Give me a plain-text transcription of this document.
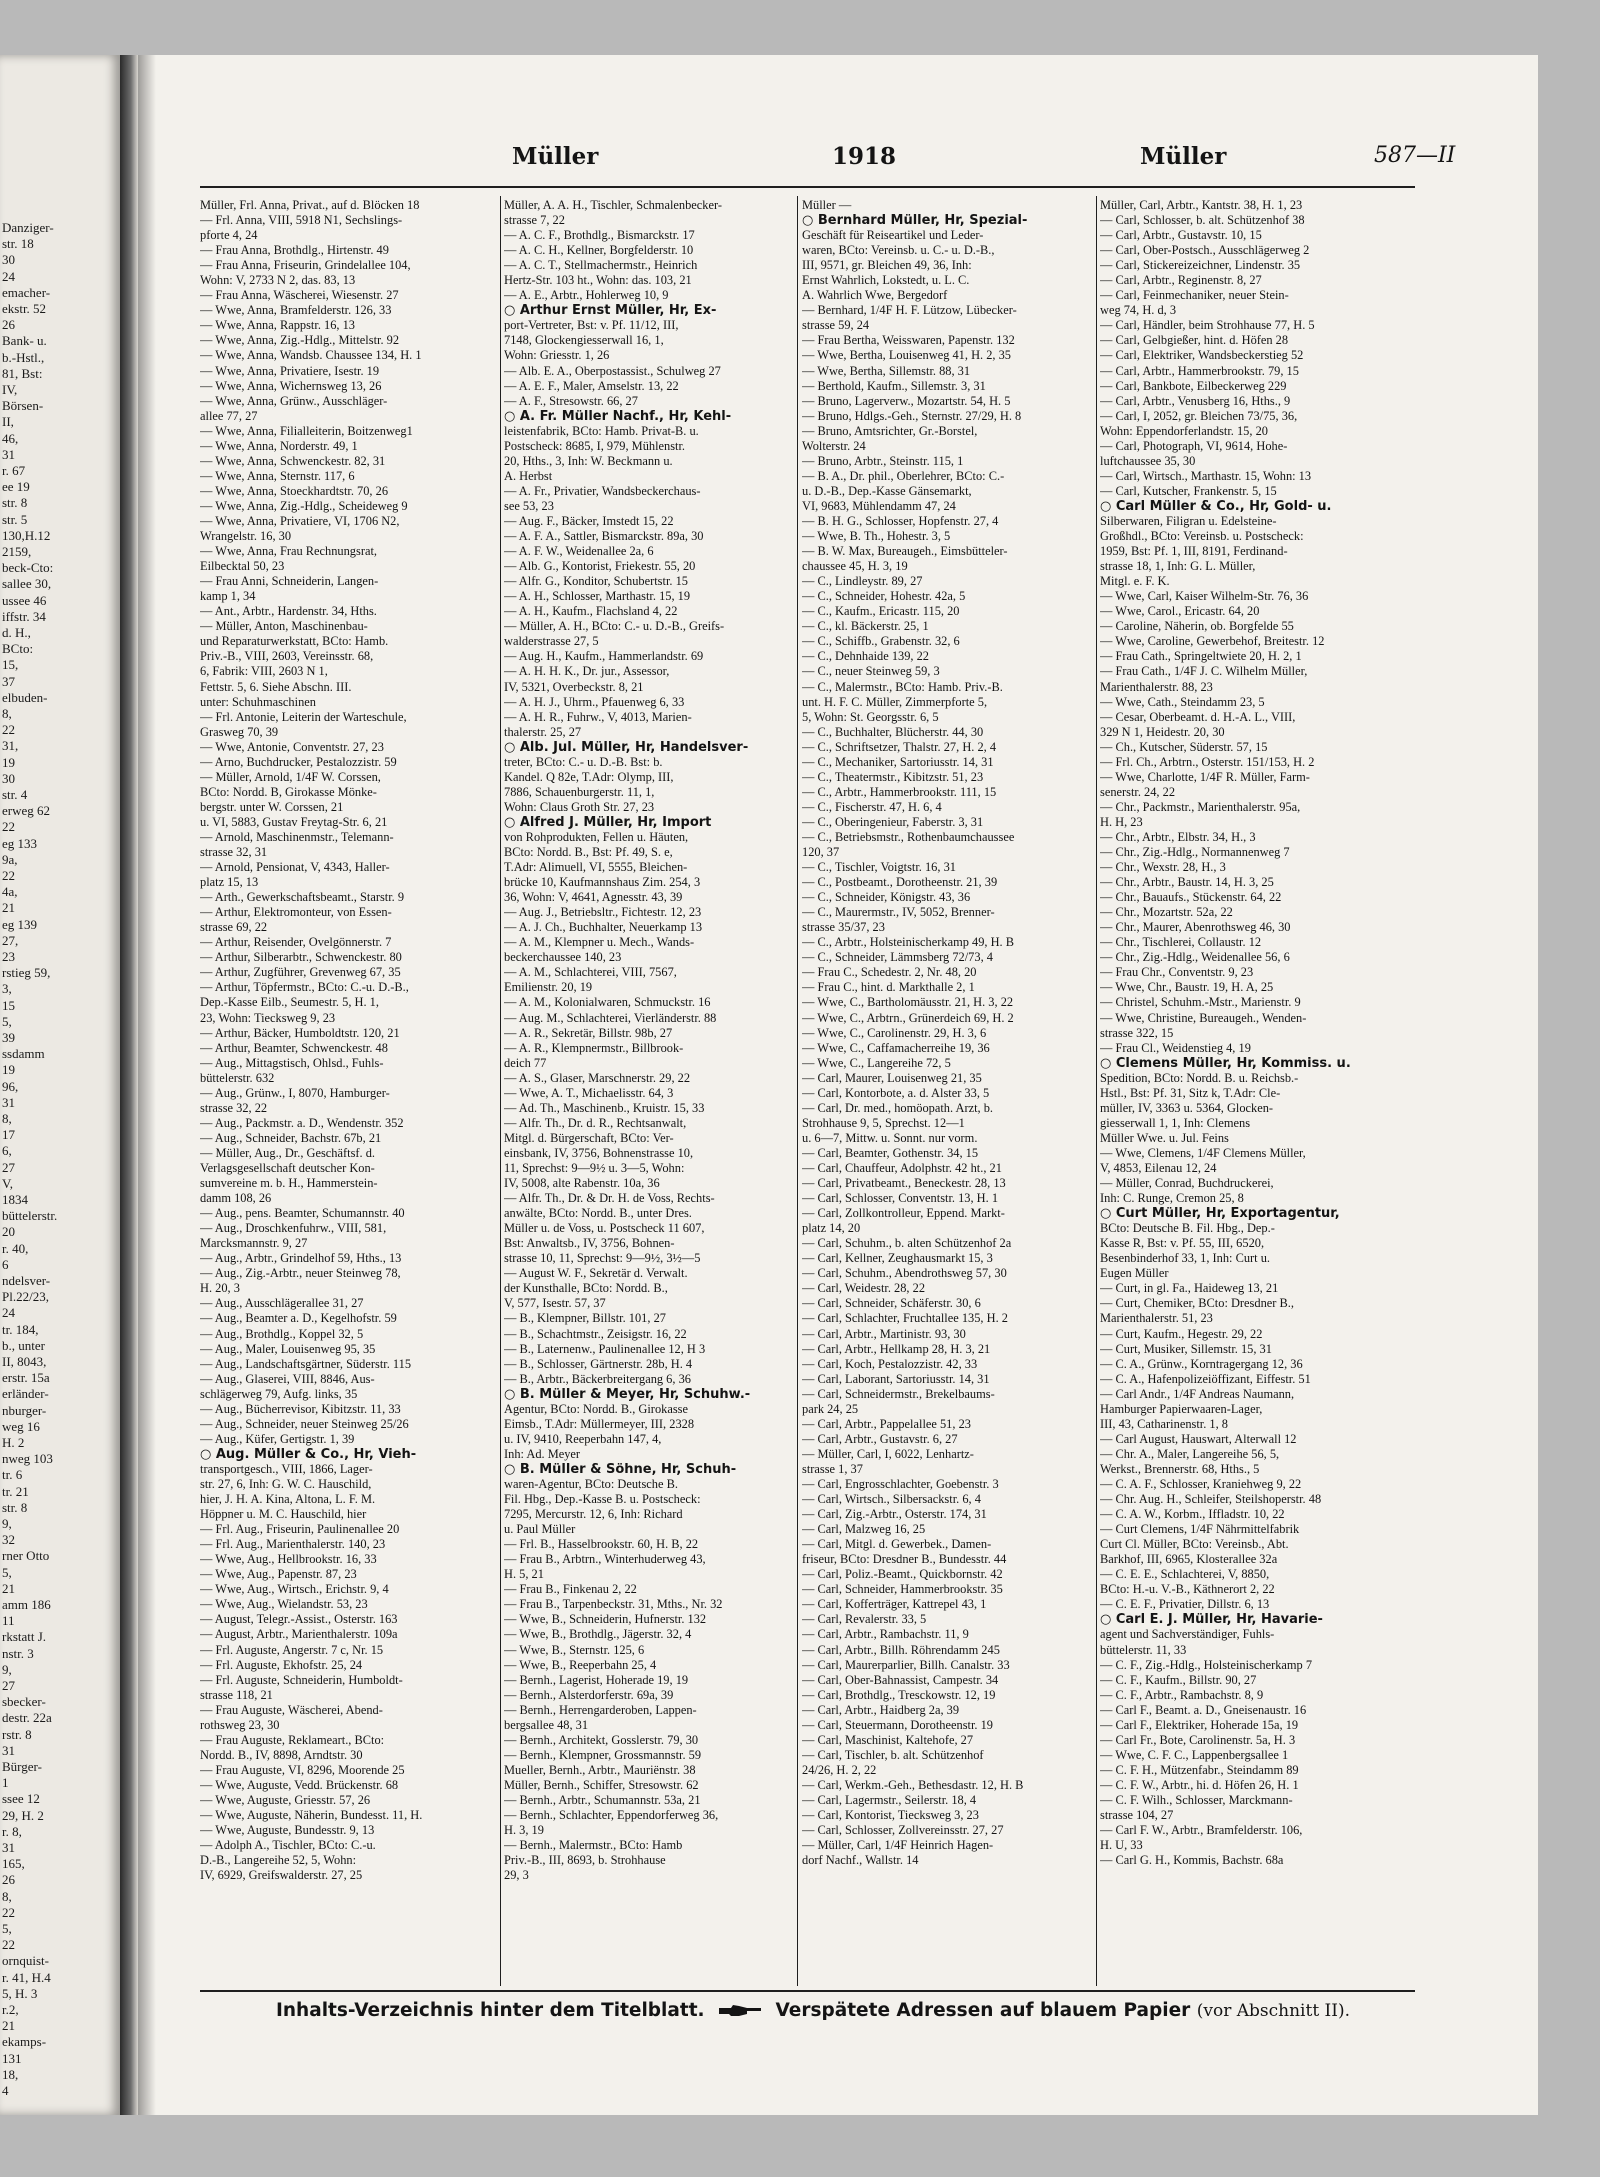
Danziger-
str. 18
30
24
emacher-
ekstr. 52
26
Bank- u.
b.-Hstl.,
81, Bst:
IV,
Börsen-
II,
46,
31
r. 67
ee 19
str. 8
str. 5
130,H.12
2159,
beck-Cto:
sallee 30,
ussee 46
iffstr. 34
d. H.,
BCto:
15,
37
elbuden-
8,
22
31,
19
30
str. 4
erweg 62
22
eg 133
9a,
22
4a,
21
eg 139
27,
23
rstieg 59,
3,
15
5,
39
ssdamm
19
96,
31
8,
17
6,
27
V,
1834
büttelerstr.
20
r. 40,
6
ndelsver-
Pl.22/23,
24
tr. 184,
b., unter
II, 8043,
erstr. 15a
erländer-
nburger-
weg 16
H. 2
nweg 103
tr. 6
tr. 21
str. 8
9,
32
rner Otto
5,
21
amm 186
11
rkstatt J.
nstr. 3
9,
27
sbecker-
destr. 22a
rstr. 8
31
Bürger-
1
ssee 12
29, H. 2
r. 8,
31
165,
26
8,
22
5,
22
ornquist-
r. 41, H.4
5, H. 3
r.2,
21
ekamps-
131
18,
4
Müller	1918	Müller	587—II
Müller, Frl. Anna, Privat., auf d. Blöcken 18
— Frl. Anna, VIII, 5918 N1, Sechslings-
pforte 4, 24
— Frau Anna, Brothdlg., Hirtenstr. 49
— Frau Anna, Friseurin, Grindelallee 104,
Wohn: V, 2733 N 2, das. 83, 13
— Frau Anna, Wäscherei, Wiesenstr. 27
— Wwe, Anna, Bramfelderstr. 126, 33
— Wwe, Anna, Rappstr. 16, 13
— Wwe, Anna, Zig.-Hdlg., Mittelstr. 92
— Wwe, Anna, Wandsb. Chaussee 134, H. 1
— Wwe, Anna, Privatiere, Isestr. 19
— Wwe, Anna, Wichernsweg 13, 26
— Wwe, Anna, Grünw., Ausschläger-
allee 77, 27
— Wwe, Anna, Filialleiterin, Boitzenweg1
— Wwe, Anna, Norderstr. 49, 1
— Wwe, Anna, Schwenckestr. 82, 31
— Wwe, Anna, Sternstr. 117, 6
— Wwe, Anna, Stoeckhardtstr. 70, 26
— Wwe, Anna, Zig.-Hdlg., Scheideweg 9
— Wwe, Anna, Privatiere, VI, 1706 N2,
Wrangelstr. 16, 30
— Wwe, Anna, Frau Rechnungsrat,
Eilbecktal 50, 23
— Frau Anni, Schneiderin, Langen-
kamp 1, 34
— Ant., Arbtr., Hardenstr. 34, Hths.
— Müller, Anton, Maschinenbau-
und Reparaturwerkstatt, BCto: Hamb.
Priv.-B., VIII, 2603, Vereinsstr. 68,
6, Fabrik: VIII, 2603 N 1,
Fettstr. 5, 6. Siehe Abschn. III.
unter: Schuhmaschinen
— Frl. Antonie, Leiterin der Warteschule,
Grasweg 70, 39
— Wwe, Antonie, Conventstr. 27, 23
— Arno, Buchdrucker, Pestalozzistr. 59
— Müller, Arnold, 1/4F W. Corssen,
BCto: Nordd. B, Girokasse Mönke-
bergstr. unter W. Corssen, 21
u. VI, 5883, Gustav Freytag-Str. 6, 21
— Arnold, Maschinenmstr., Telemann-
strasse 32, 31
— Arnold, Pensionat, V, 4343, Haller-
platz 15, 13
— Arth., Gewerkschaftsbeamt., Starstr. 9
— Arthur, Elektromonteur, von Essen-
strasse 69, 22
— Arthur, Reisender, Ovelgönnerstr. 7
— Arthur, Silberarbtr., Schwenckestr. 80
— Arthur, Zugführer, Grevenweg 67, 35
— Arthur, Töpfermstr., BCto: C.-u. D.-B.,
Dep.-Kasse Eilb., Seumestr. 5, H. 1,
23, Wohn: Tiecksweg 9, 23
— Arthur, Bäcker, Humboldtstr. 120, 21
— Arthur, Beamter, Schwenckestr. 48
— Aug., Mittagstisch, Ohlsd., Fuhls-
büttelerstr. 632
— Aug., Grünw., I, 8070, Hamburger-
strasse 32, 22
— Aug., Packmstr. a. D., Wendenstr. 352
— Aug., Schneider, Bachstr. 67b, 21
— Müller, Aug., Dr., Geschäftsf. d.
Verlagsgesellschaft deutscher Kon-
sumvereine m. b. H., Hammerstein-
damm 108, 26
— Aug., pens. Beamter, Schumannstr. 40
— Aug., Droschkenfuhrw., VIII, 581,
Marcksmannstr. 9, 27
— Aug., Arbtr., Grindelhof 59, Hths., 13
— Aug., Zig.-Arbtr., neuer Steinweg 78,
H. 20, 3
— Aug., Ausschlägerallee 31, 27
— Aug., Beamter a. D., Kegelhofstr. 59
— Aug., Brothdlg., Koppel 32, 5
— Aug., Maler, Louisenweg 95, 35
— Aug., Landschaftsgärtner, Süderstr. 115
— Aug., Glaserei, VIII, 8846, Aus-
schlägerweg 79, Aufg. links, 35
— Aug., Bücherrevisor, Kibitzstr. 11, 33
— Aug., Schneider, neuer Steinweg 25/26
— Aug., Küfer, Gertigstr. 1, 39
○ Aug. Müller & Co., Hr, Vieh-
transportgesch., VIII, 1866, Lager-
str. 27, 6, Inh: G. W. C. Hauschild,
hier, J. H. A. Kina, Altona, L. F. M.
Höppner u. M. C. Hauschild, hier
— Frl. Aug., Friseurin, Paulinenallee 20
— Frl. Aug., Marienthalerstr. 140, 23
— Wwe, Aug., Hellbrookstr. 16, 33
— Wwe, Aug., Papenstr. 87, 23
— Wwe, Aug., Wirtsch., Erichstr. 9, 4
— Wwe, Aug., Wielandstr. 53, 23
— August, Telegr.-Assist., Osterstr. 163
— August, Arbtr., Marienthalerstr. 109a
— Frl. Auguste, Angerstr. 7 c, Nr. 15
— Frl. Auguste, Ekhofstr. 25, 24
— Frl. Auguste, Schneiderin, Humboldt-
strasse 118, 21
— Frau Auguste, Wäscherei, Abend-
rothsweg 23, 30
— Frau Auguste, Reklameart., BCto:
Nordd. B., IV, 8898, Arndtstr. 30
— Frau Auguste, VI, 8296, Moorende 25
— Wwe, Auguste, Vedd. Brückenstr. 68
— Wwe, Auguste, Griesstr. 57, 26
— Wwe, Auguste, Näherin, Bundesst. 11, H.
— Wwe, Auguste, Bundesstr. 9, 13
— Adolph A., Tischler, BCto: C.-u.
D.-B., Langereihe 52, 5, Wohn:
IV, 6929, Greifswalderstr. 27, 25
Müller, A. A. H., Tischler, Schmalenbecker-
strasse 7, 22
— A. C. F., Brothdlg., Bismarckstr. 17
— A. C. H., Kellner, Borgfelderstr. 10
— A. C. T., Stellmachermstr., Heinrich
Hertz-Str. 103 ht., Wohn: das. 103, 21
— A. E., Arbtr., Hohlerweg 10, 9
○ Arthur Ernst Müller, Hr, Ex-
port-Vertreter, Bst: v. Pf. 11/12, III,
7148, Glockengiesserwall 16, 1,
Wohn: Griesstr. 1, 26
— Alb. E. A., Oberpostassist., Schulweg 27
— A. E. F., Maler, Amselstr. 13, 22
— A. F., Stresowstr. 66, 27
○ A. Fr. Müller Nachf., Hr, Kehl-
leistenfabrik, BCto: Hamb. Privat-B. u.
Postscheck: 8685, I, 979, Mühlenstr.
20, Hths., 3, Inh: W. Beckmann u.
A. Herbst
— A. Fr., Privatier, Wandsbeckerchaus-
see 53, 23
— Aug. F., Bäcker, Imstedt 15, 22
— A. F. A., Sattler, Bismarckstr. 89a, 30
— A. F. W., Weidenallee 2a, 6
— Alb. G., Kontorist, Friekestr. 55, 20
— Alfr. G., Konditor, Schubertstr. 15
— A. H., Schlosser, Marthastr. 15, 19
— A. H., Kaufm., Flachsland 4, 22
— Müller, A. H., BCto: C.- u. D.-B., Greifs-
walderstrasse 27, 5
— Aug. H., Kaufm., Hammerlandstr. 69
— A. H. H. K., Dr. jur., Assessor,
IV, 5321, Overbeckstr. 8, 21
— A. H. J., Uhrm., Pfauenweg 6, 33
— A. H. R., Fuhrw., V, 4013, Marien-
thalerstr. 25, 27
○ Alb. Jul. Müller, Hr, Handelsver-
treter, BCto: C.- u. D.-B. Bst: b.
Kandel. Q 82e, T.Adr: Olymp, III,
7886, Schauenburgerstr. 11, 1,
Wohn: Claus Groth Str. 27, 23
○ Alfred J. Müller, Hr, Import
von Rohprodukten, Fellen u. Häuten,
BCto: Nordd. B., Bst: Pf. 49, S. e,
T.Adr: Alimuell, VI, 5555, Bleichen-
brücke 10, Kaufmannshaus Zim. 254, 3
36, Wohn: V, 4641, Agnesstr. 43, 39
— Aug. J., Betriebsltr., Fichtestr. 12, 23
— A. J. Ch., Buchhalter, Neuerkamp 13
— A. M., Klempner u. Mech., Wands-
beckerchaussee 140, 23
— A. M., Schlachterei, VIII, 7567,
Emilienstr. 20, 19
— A. M., Kolonialwaren, Schmuckstr. 16
— Aug. M., Schlachterei, Vierländerstr. 88
— A. R., Sekretär, Billstr. 98b, 27
— A. R., Klempnermstr., Billbrook-
deich 77
— A. S., Glaser, Marschnerstr. 29, 22
— Wwe, A. T., Michaelisstr. 64, 3
— Ad. Th., Maschinenb., Kruistr. 15, 33
— Alfr. Th., Dr. d. R., Rechtsanwalt,
Mitgl. d. Bürgerschaft, BCto: Ver-
einsbank, IV, 3756, Bohnenstrasse 10,
11, Sprechst: 9—9½ u. 3—5, Wohn:
IV, 5008, alte Rabenstr. 10a, 36
— Alfr. Th., Dr. & Dr. H. de Voss, Rechts-
anwälte, BCto: Nordd. B., unter Dres.
Müller u. de Voss, u. Postscheck 11 607,
Bst: Anwaltsb., IV, 3756, Bohnen-
strasse 10, 11, Sprechst: 9—9½, 3½—5
— August W. F., Sekretär d. Verwalt.
der Kunsthalle, BCto: Nordd. B.,
V, 577, Isestr. 57, 37
— B., Klempner, Billstr. 101, 27
— B., Schachtmstr., Zeisigstr. 16, 22
— B., Laternenw., Paulinenallee 12, H 3
— B., Schlosser, Gärtnerstr. 28b, H. 4
— B., Arbtr., Bäckerbreitergang 6, 36
○ B. Müller & Meyer, Hr, Schuhw.-
Agentur, BCto: Nordd. B., Girokasse
Eimsb., T.Adr: Müllermeyer, III, 2328
u. IV, 9410, Reeperbahn 147, 4,
Inh: Ad. Meyer
○ B. Müller & Söhne, Hr, Schuh-
waren-Agentur, BCto: Deutsche B.
Fil. Hbg., Dep.-Kasse B. u. Postscheck:
7295, Mercurstr. 12, 6, Inh: Richard
u. Paul Müller
— Frl. B., Hasselbrookstr. 60, H. B, 22
— Frau B., Arbtrn., Winterhuderweg 43,
H. 5, 21
— Frau B., Finkenau 2, 22
— Frau B., Tarpenbeckstr. 31, Mths., Nr. 32
— Wwe, B., Schneiderin, Hufnerstr. 132
— Wwe, B., Brothdlg., Jägerstr. 32, 4
— Wwe, B., Sternstr. 125, 6
— Wwe, B., Reeperbahn 25, 4
— Bernh., Lagerist, Hoherade 19, 19
— Bernh., Alsterdorferstr. 69a, 39
— Bernh., Herrengarderoben, Lappen-
bergsallee 48, 31
— Bernh., Architekt, Gosslerstr. 79, 30
— Bernh., Klempner, Grossmannstr. 59
Mueller, Bernh., Arbtr., Mauriënstr. 38
Müller, Bernh., Schiffer, Stresowstr. 62
— Bernh., Arbtr., Schumannstr. 53a, 21
— Bernh., Schlachter, Eppendorferweg 36,
H. 3, 19
— Bernh., Malermstr., BCto: Hamb
Priv.-B., III, 8693, b. Strohhause
29, 3
Müller —
○ Bernhard Müller, Hr, Spezial-
Geschäft für Reiseartikel und Leder-
waren, BCto: Vereinsb. u. C.- u. D.-B.,
III, 9571, gr. Bleichen 49, 36, Inh:
Ernst Wahrlich, Lokstedt, u. L. C.
A. Wahrlich Wwe, Bergedorf
— Bernhard, 1/4F H. F. Lützow, Lübecker-
strasse 59, 24
— Frau Bertha, Weisswaren, Papenstr. 132
— Wwe, Bertha, Louisenweg 41, H. 2, 35
— Wwe, Bertha, Sillemstr. 88, 31
— Berthold, Kaufm., Sillemstr. 3, 31
— Bruno, Lagerverw., Mozartstr. 54, H. 5
— Bruno, Hdlgs.-Geh., Sternstr. 27/29, H. 8
— Bruno, Amtsrichter, Gr.-Borstel,
Wolterstr. 24
— Bruno, Arbtr., Steinstr. 115, 1
— B. A., Dr. phil., Oberlehrer, BCto: C.-
u. D.-B., Dep.-Kasse Gänsemarkt,
VI, 9683, Mühlendamm 47, 24
— B. H. G., Schlosser, Hopfenstr. 27, 4
— Wwe, B. Th., Hohestr. 3, 5
— B. W. Max, Bureaugeh., Eimsbütteler-
chaussee 45, H. 3, 19
— C., Lindleystr. 89, 27
— C., Schneider, Hohestr. 42a, 5
— C., Kaufm., Ericastr. 115, 20
— C., kl. Bäckerstr. 25, 1
— C., Schiffb., Grabenstr. 32, 6
— C., Dehnhaide 139, 22
— C., neuer Steinweg 59, 3
— C., Malermstr., BCto: Hamb. Priv.-B.
unt. H. F. C. Müller, Zimmerpforte 5,
5, Wohn: St. Georgsstr. 6, 5
— C., Buchhalter, Blücherstr. 44, 30
— C., Schriftsetzer, Thalstr. 27, H. 2, 4
— C., Mechaniker, Sartoriusstr. 14, 31
— C., Theatermstr., Kibitzstr. 51, 23
— C., Arbtr., Hammerbrookstr. 111, 15
— C., Fischerstr. 47, H. 6, 4
— C., Oberingenieur, Faberstr. 3, 31
— C., Betriebsmstr., Rothenbaumchaussee
120, 37
— C., Tischler, Voigtstr. 16, 31
— C., Postbeamt., Dorotheenstr. 21, 39
— C., Schneider, Königstr. 43, 36
— C., Maurermstr., IV, 5052, Brenner-
strasse 35/37, 23
— C., Arbtr., Holsteinischerkamp 49, H. B
— C., Schneider, Lämmsberg 72/73, 4
— Frau C., Schedestr. 2, Nr. 48, 20
— Frau C., hint. d. Markthalle 2, 1
— Wwe, C., Bartholomäusstr. 21, H. 3, 22
— Wwe, C., Arbtrn., Grünerdeich 69, H. 2
— Wwe, C., Carolinenstr. 29, H. 3, 6
— Wwe, C., Caffamacherreihe 19, 36
— Wwe, C., Langereihe 72, 5
— Carl, Maurer, Louisenweg 21, 35
— Carl, Kontorbote, a. d. Alster 33, 5
— Carl, Dr. med., homöopath. Arzt, b.
Strohhause 9, 5, Sprechst. 12—1
u. 6—7, Mittw. u. Sonnt. nur vorm.
— Carl, Beamter, Gothenstr. 34, 15
— Carl, Chauffeur, Adolphstr. 42 ht., 21
— Carl, Privatbeamt., Beneckestr. 28, 13
— Carl, Schlosser, Conventstr. 13, H. 1
— Carl, Zollkontrolleur, Eppend. Markt-
platz 14, 20
— Carl, Schuhm., b. alten Schützenhof 2a
— Carl, Kellner, Zeughausmarkt 15, 3
— Carl, Schuhm., Abendrothsweg 57, 30
— Carl, Weidestr. 28, 22
— Carl, Schneider, Schäferstr. 30, 6
— Carl, Schlachter, Fruchtallee 135, H. 2
— Carl, Arbtr., Martinistr. 93, 30
— Carl, Arbtr., Hellkamp 28, H. 3, 21
— Carl, Koch, Pestalozzistr. 42, 33
— Carl, Laborant, Sartoriusstr. 14, 31
— Carl, Schneidermstr., Brekelbaums-
park 24, 25
— Carl, Arbtr., Pappelallee 51, 23
— Carl, Arbtr., Gustavstr. 6, 27
— Müller, Carl, I, 6022, Lenhartz-
strasse 1, 37
— Carl, Engrosschlachter, Goebenstr. 3
— Carl, Wirtsch., Silbersackstr. 6, 4
— Carl, Zig.-Arbtr., Osterstr. 174, 31
— Carl, Malzweg 16, 25
— Carl, Mitgl. d. Gewerbek., Damen-
friseur, BCto: Dresdner B., Bundesstr. 44
— Carl, Poliz.-Beamt., Quickbornstr. 42
— Carl, Schneider, Hammerbrookstr. 35
— Carl, Kofferträger, Kattrepel 43, 1
— Carl, Revalerstr. 33, 5
— Carl, Arbtr., Rambachstr. 11, 9
— Carl, Arbtr., Billh. Röhrendamm 245
— Carl, Maurerparlier, Billh. Canalstr. 33
— Carl, Ober-Bahnassist, Campestr. 34
— Carl, Brothdlg., Tresckowstr. 12, 19
— Carl, Arbtr., Haidberg 2a, 39
— Carl, Steuermann, Dorotheenstr. 19
— Carl, Maschinist, Kaltehofe, 27
— Carl, Tischler, b. alt. Schützenhof
24/26, H. 2, 22
— Carl, Werkm.-Geh., Bethesdastr. 12, H. B
— Carl, Lagermstr., Seilerstr. 18, 4
— Carl, Kontorist, Tiecksweg 3, 23
— Carl, Schlosser, Zollvereinsstr. 27, 27
— Müller, Carl, 1/4F Heinrich Hagen-
dorf Nachf., Wallstr. 14
Müller, Carl, Arbtr., Kantstr. 38, H. 1, 23
— Carl, Schlosser, b. alt. Schützenhof 38
— Carl, Arbtr., Gustavstr. 10, 15
— Carl, Ober-Postsch., Ausschlägerweg 2
— Carl, Stickereizeichner, Lindenstr. 35
— Carl, Arbtr., Reginenstr. 8, 27
— Carl, Feinmechaniker, neuer Stein-
weg 74, H. d, 3
— Carl, Händler, beim Strohhause 77, H. 5
— Carl, Gelbgießer, hint. d. Höfen 28
— Carl, Elektriker, Wandsbeckerstieg 52
— Carl, Arbtr., Hammerbrookstr. 79, 15
— Carl, Bankbote, Eilbeckerweg 229
— Carl, Arbtr., Venusberg 16, Hths., 9
— Carl, I, 2052, gr. Bleichen 73/75, 36,
Wohn: Eppendorferlandstr. 15, 20
— Carl, Photograph, VI, 9614, Hohe-
luftchaussee 35, 30
— Carl, Wirtsch., Marthastr. 15, Wohn: 13
— Carl, Kutscher, Frankenstr. 5, 15
○ Carl Müller & Co., Hr, Gold- u.
Silberwaren, Filigran u. Edelsteine-
Großhdl., BCto: Vereinsb. u. Postscheck:
1959, Bst: Pf. 1, III, 8191, Ferdinand-
strasse 18, 1, Inh: G. L. Müller,
Mitgl. e. F. K.
— Wwe, Carl, Kaiser Wilhelm-Str. 76, 36
— Wwe, Carol., Ericastr. 64, 20
— Caroline, Näherin, ob. Borgfelde 55
— Wwe, Caroline, Gewerbehof, Breitestr. 12
— Frau Cath., Springeltwiete 20, H. 2, 1
— Frau Cath., 1/4F J. C. Wilhelm Müller,
Marienthalerstr. 88, 23
— Wwe, Cath., Steindamm 23, 5
— Cesar, Oberbeamt. d. H.-A. L., VIII,
329 N 1, Heidestr. 20, 30
— Ch., Kutscher, Süderstr. 57, 15
— Frl. Ch., Arbtrn., Osterstr. 151/153, H. 2
— Wwe, Charlotte, 1/4F R. Müller, Farm-
senerstr. 24, 22
— Chr., Packmstr., Marienthalerstr. 95a,
H. H, 23
— Chr., Arbtr., Elbstr. 34, H., 3
— Chr., Zig.-Hdlg., Normannenweg 7
— Chr., Wexstr. 28, H., 3
— Chr., Arbtr., Baustr. 14, H. 3, 25
— Chr., Bauaufs., Stückenstr. 64, 22
— Chr., Mozartstr. 52a, 22
— Chr., Maurer, Abenrothsweg 46, 30
— Chr., Tischlerei, Collaustr. 12
— Chr., Zig.-Hdlg., Weidenallee 56, 6
— Frau Chr., Conventstr. 9, 23
— Wwe, Chr., Baustr. 19, H. A, 25
— Christel, Schuhm.-Mstr., Marienstr. 9
— Wwe, Christine, Bureaugeh., Wenden-
strasse 322, 15
— Frau Cl., Weidenstieg 4, 19
○ Clemens Müller, Hr, Kommiss. u.
Spedition, BCto: Nordd. B. u. Reichsb.-
Hstl., Bst: Pf. 31, Sitz k, T.Adr: Cle-
müller, IV, 3363 u. 5364, Glocken-
giesserwall 1, 1, Inh: Clemens
Müller Wwe. u. Jul. Feins
— Wwe, Clemens, 1/4F Clemens Müller,
V, 4853, Eilenau 12, 24
— Müller, Conrad, Buchdruckerei,
Inh: C. Runge, Cremon 25, 8
○ Curt Müller, Hr, Exportagentur,
BCto: Deutsche B. Fil. Hbg., Dep.-
Kasse R, Bst: v. Pf. 55, III, 6520,
Besenbinderhof 33, 1, Inh: Curt u.
Eugen Müller
— Curt, in gl. Fa., Haideweg 13, 21
— Curt, Chemiker, BCto: Dresdner B.,
Marienthalerstr. 51, 23
— Curt, Kaufm., Hegestr. 29, 22
— Curt, Musiker, Sillemstr. 15, 31
— C. A., Grünw., Korntragergang 12, 36
— C. A., Hafenpolizeiöffizant, Eiffestr. 51
— Carl Andr., 1/4F Andreas Naumann,
Hamburger Papierwaaren-Lager,
III, 43, Catharinenstr. 1, 8
— Carl August, Hauswart, Alterwall 12
— Chr. A., Maler, Langereihe 56, 5,
Werkst., Brennerstr. 68, Hths., 5
— C. A. F., Schlosser, Kraniehweg 9, 22
— Chr. Aug. H., Schleifer, Steilshoperstr. 48
— C. A. W., Korbm., Iffladstr. 10, 22
— Curt Clemens, 1/4F Nährmittelfabrik
Curt Cl. Müller, BCto: Vereinsb., Abt.
Barkhof, III, 6965, Klosterallee 32a
— C. E. E., Schlachterei, V, 8850,
BCto: H.-u. V.-B., Käthnerort 2, 22
— C. E. F., Privatier, Dillstr. 6, 13
○ Carl E. J. Müller, Hr, Havarie-
agent und Sachverständiger, Fuhls-
büttelerstr. 11, 33
— C. F., Zig.-Hdlg., Holsteinischerkamp 7
— C. F., Kaufm., Billstr. 90, 27
— C. F., Arbtr., Rambachstr. 8, 9
— Carl F., Beamt. a. D., Gneisenaustr. 16
— Carl F., Elektriker, Hoherade 15a, 19
— Carl Fr., Bote, Carolinenstr. 5a, H. 3
— Wwe, C. F. C., Lappenbergsallee 1
— C. F. H., Mützenfabr., Steindamm 89
— C. F. W., Arbtr., hi. d. Höfen 26, H. 1
— C. F. Wilh., Schlosser, Marckmann-
strasse 104, 27
— Carl F. W., Arbtr., Bramfelderstr. 106,
H. U, 33
— Carl G. H., Kommis, Bachstr. 68a
Inhalts-Verzeichnis hinter dem Titelblatt.	Verspätete Adressen auf blauem Papier (vor Abschnitt II).
